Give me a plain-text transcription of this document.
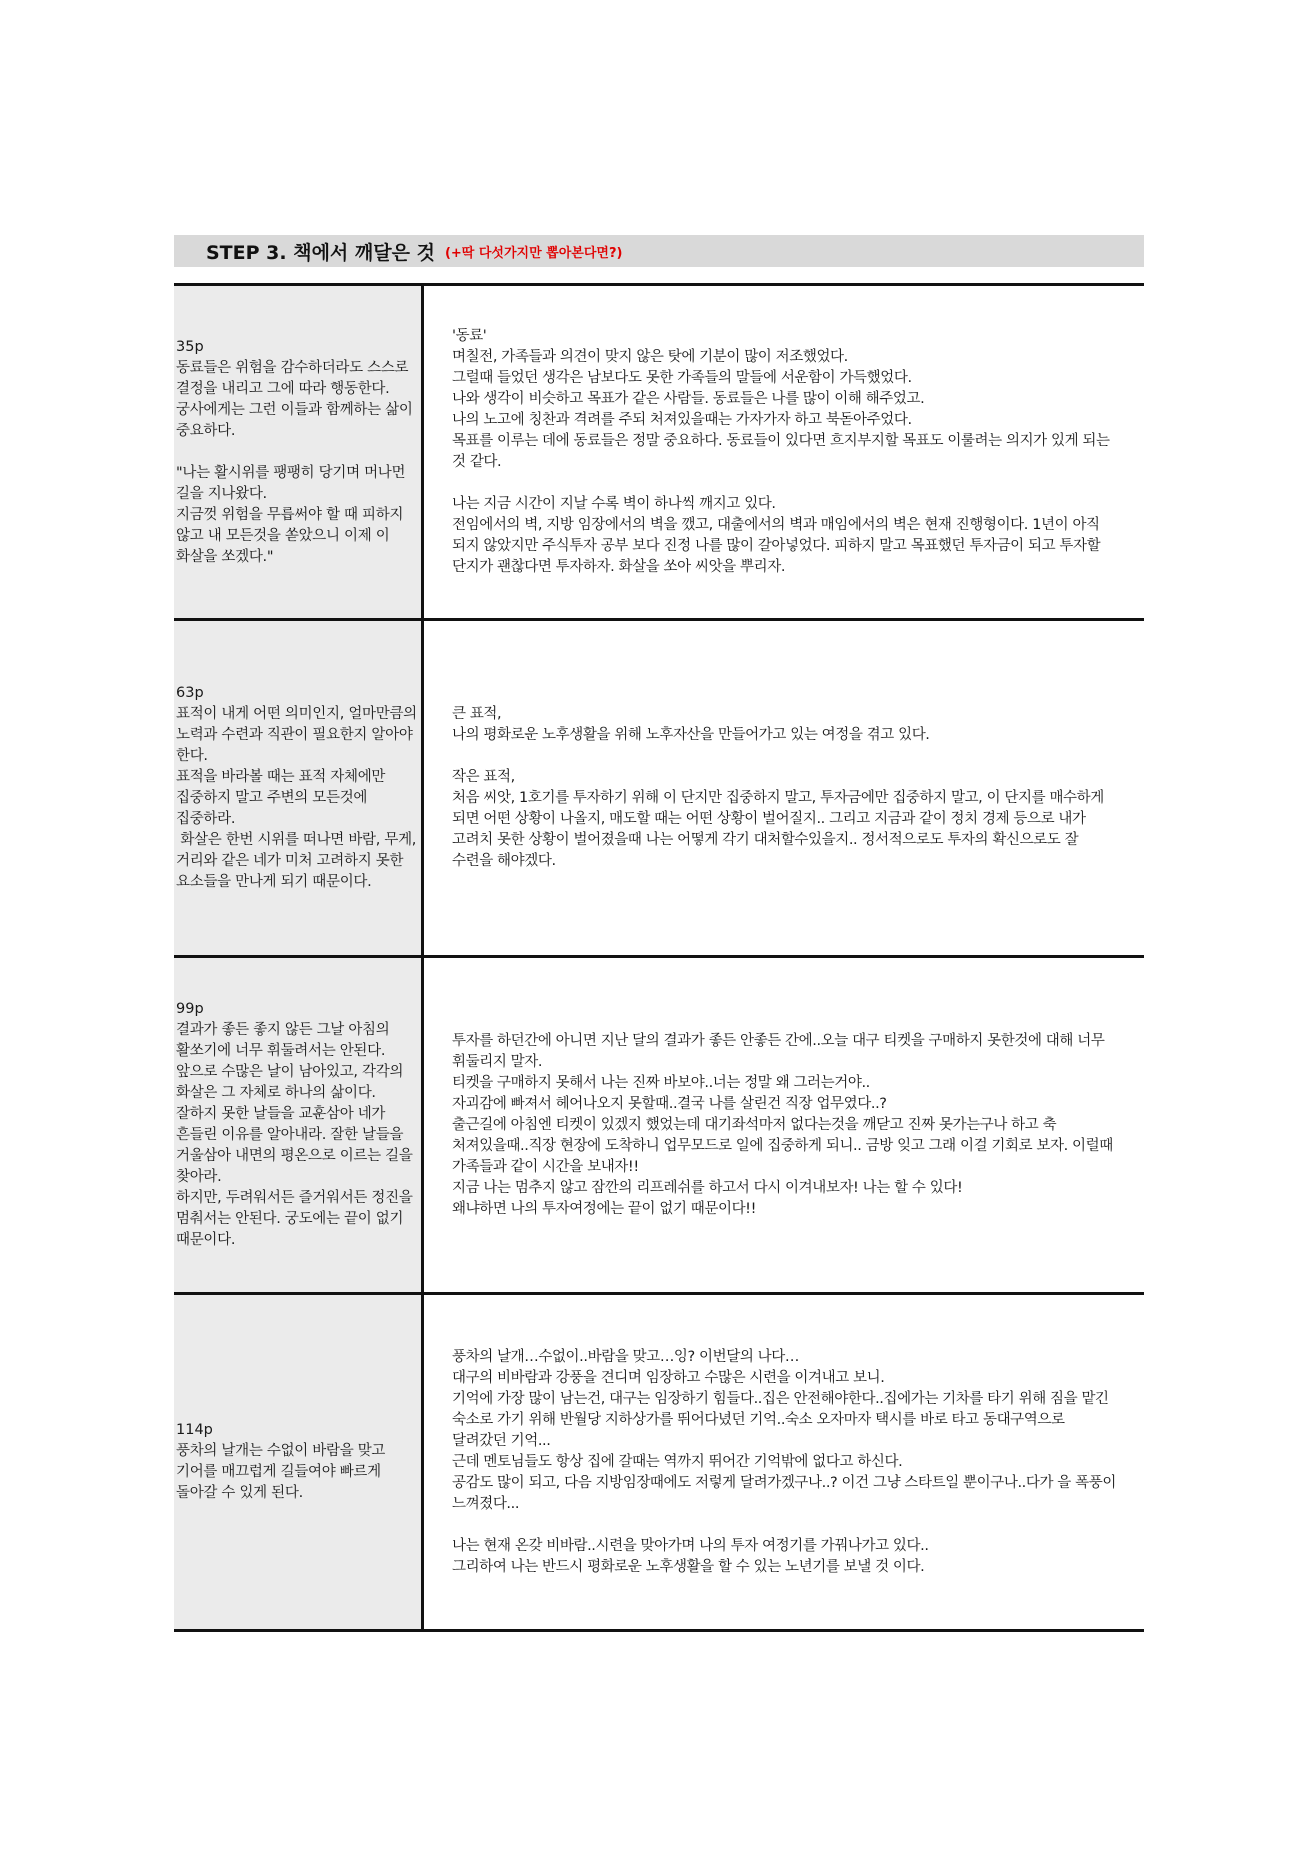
STEP 3. 책에서 깨달은 것 (+딱 다섯가지만 뽑아본다면?)
35p
동료들은 위험을 감수하더라도 스스로 결정을 내리고 그에 따라 행동한다.
궁사에게는 그런 이들과 함께하는 삶이 중요하다.

"나는 활시위를 팽팽히 당기며 머나먼 길을 지나왔다.
지금껏 위험을 무릅써야 할 때 피하지 않고 내 모든것을 쏟았으니 이제 이 화살을 쏘겠다."
'동료'
며칠전, 가족들과 의견이 맞지 않은 탓에 기분이 많이 저조했었다.
그럴때 들었던 생각은 남보다도 못한 가족들의 말들에 서운함이 가득했었다.
나와 생각이 비슷하고 목표가 같은 사람들. 동료들은 나를 많이 이해 해주었고.
나의 노고에 칭찬과 격려를 주되 처져있을때는 가자가자 하고 북돋아주었다.
목표를 이루는 데에 동료들은 정말 중요하다. 동료들이 있다면 흐지부지할 목표도 이룰려는 의지가 있게 되는 것 같다.

나는 지금 시간이 지날 수록 벽이 하나씩 깨지고 있다.
전임에서의 벽, 지방 임장에서의 벽을 깼고, 대출에서의 벽과 매임에서의 벽은 현재 진행형이다. 1년이 아직 되지 않았지만 주식투자 공부 보다 진정 나를 많이 갈아넣었다. 피하지 말고 목표했던 투자금이 되고 투자할 단지가 괜찮다면 투자하자. 화살을 쏘아 씨앗을 뿌리자.
63p
표적이 내게 어떤 의미인지, 얼마만큼의 노력과 수련과 직관이 필요한지 알아야 한다.
표적을 바라볼 때는 표적 자체에만 집중하지 말고 주변의 모든것에 집중하라.
화살은 한번 시위를 떠나면 바람, 무게, 거리와 같은 네가 미처 고려하지 못한 요소들을 만나게 되기 때문이다.
큰 표적,
나의 평화로운 노후생활을 위해 노후자산을 만들어가고 있는 여정을 겪고 있다.

작은 표적,
처음 씨앗, 1호기를 투자하기 위해 이 단지만 집중하지 말고, 투자금에만 집중하지 말고, 이 단지를 매수하게 되면 어떤 상황이 나올지, 매도할 때는 어떤 상황이 벌어질지.. 그리고 지금과 같이 정치 경제 등으로 내가 고려치 못한 상황이 벌어졌을때 나는 어떻게 각기 대처할수있을지.. 정서적으로도 투자의 확신으로도 잘 수련을 해야겠다.
99p
결과가 좋든 좋지 않든 그날 아침의 활쏘기에 너무 휘둘려서는 안된다.
앞으로 수많은 날이 남아있고, 각각의 화살은 그 자체로 하나의 삶이다.
잘하지 못한 날들을 교훈삼아 네가 흔들린 이유를 알아내라. 잘한 날들을 거울삼아 내면의 평온으로 이르는 길을 찾아라.
하지만, 두려워서든 즐거워서든 정진을 멈춰서는 안된다. 궁도에는 끝이 없기 때문이다.
투자를 하던간에 아니면 지난 달의 결과가 좋든 안좋든 간에..오늘 대구 티켓을 구매하지 못한것에 대해 너무 휘둘리지 말자.
티켓을 구매하지 못해서 나는 진짜 바보야..너는 정말 왜 그러는거야..
자괴감에 빠져서 헤어나오지 못할때..결국 나를 살린건 직장 업무였다..?
출근길에 아침엔 티켓이 있겠지 했었는데 대기좌석마저 없다는것을 깨닫고 진짜 못가는구나 하고 축 처져있을때..직장 현장에 도착하니 업무모드로 일에 집중하게 되니.. 금방 잊고 그래 이걸 기회로 보자. 이럴때 가족들과 같이 시간을 보내자!!
지금 나는 멈추지 않고 잠깐의 리프레쉬를 하고서 다시 이겨내보자! 나는 할 수 있다!
왜냐하면 나의 투자여정에는 끝이 없기 때문이다!!
114p
풍차의 날개는 수없이 바람을 맞고 기어를 매끄럽게 길들여야 빠르게 돌아갈 수 있게 된다.
풍차의 날개…수없이..바람을 맞고…잉? 이번달의 나다…
대구의 비바람과 강풍을 견디며 임장하고 수많은 시련을 이겨내고 보니.
기억에 가장 많이 남는건, 대구는 임장하기 힘들다..집은 안전해야한다..집에가는 기차를 타기 위해 짐을 맡긴 숙소로 가기 위해 반월당 지하상가를 뛰어다녔던 기억..숙소 오자마자 택시를 바로 타고 동대구역으로 달려갔던 기억...
근데 멘토님들도 항상 집에 갈때는 역까지 뛰어간 기억밖에 없다고 하신다.
공감도 많이 되고, 다음 지방임장때에도 저렇게 달려가겠구나..? 이건 그냥 스타트일 뿐이구나..다가 을 폭풍이 느껴졌다...

나는 현재 온갖 비바람..시련을 맞아가며 나의 투자 여정기를 가꿔나가고 있다..
그리하여 나는 반드시 평화로운 노후생활을 할 수 있는 노년기를 보낼 것 이다.
